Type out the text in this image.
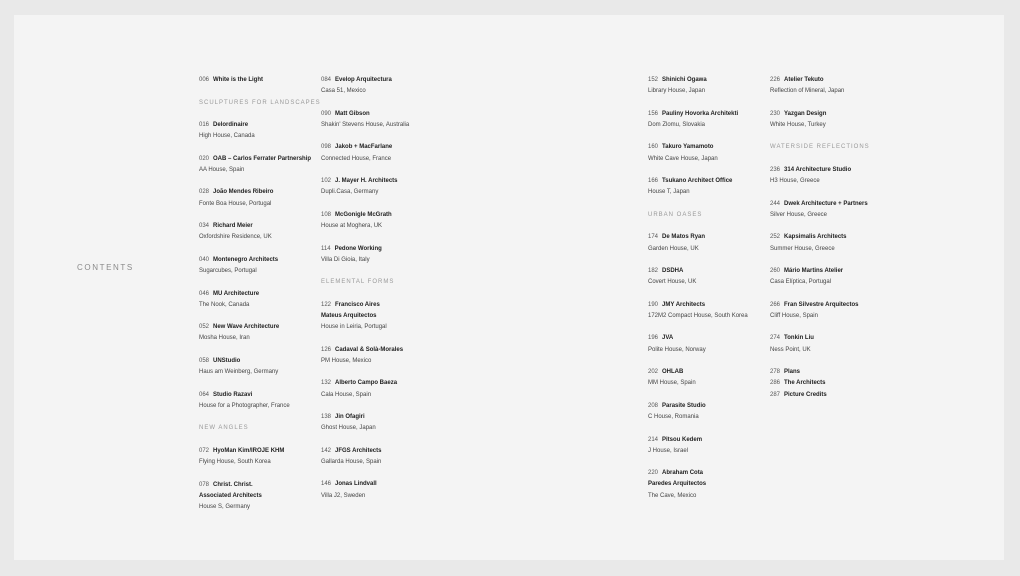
CONTENTS
006 White is the Light
SCULPTURES FOR LANDSCAPES
016 Delordinaire
High House, Canada
020 OAB – Carlos Ferrater Partnership
AA House, Spain
028 João Mendes Ribeiro
Fonte Boa House, Portugal
034 Richard Meier
Oxfordshire Residence, UK
040 Montenegro Architects
Sugarcubes, Portugal
046 MU Architecture
The Nook, Canada
052 New Wave Architecture
Mosha House, Iran
058 UNStudio
Haus am Weinberg, Germany
064 Studio Razavi
House for a Photographer, France
NEW ANGLES
072 HyoMan Kim/IROJE KHM
Flying House, South Korea
078 Christ. Christ.
Associated Architects
House S, Germany
084 Evelop Arquitectura
Casa 51, Mexico
090 Matt Gibson
Shakin' Stevens House, Australia
098 Jakob + MacFarlane
Connected House, France
102 J. Mayer H. Architects
Dupli.Casa, Germany
108 McGonigle McGrath
House at Moghera, UK
114 Pedone Working
Villa Di Gioia, Italy
ELEMENTAL FORMS
122 Francisco Aires
Mateus Arquitectos
House in Leiria, Portugal
126 Cadaval & Solà-Morales
PM House, Mexico
132 Alberto Campo Baeza
Cala House, Spain
138 Jin Ofagiri
Ghost House, Japan
142 JFGS Architects
Gallarda House, Spain
146 Jonas Lindvall
Villa J2, Sweden
152 Shinichi Ogawa
Library House, Japan
156 Pauliny Hovorka Architekti
Dom Zlomu, Slovakia
160 Takuro Yamamoto
White Cave House, Japan
166 Tsukano Architect Office
House T, Japan
URBAN OASES
174 De Matos Ryan
Garden House, UK
182 DSDHA
Covert House, UK
190 JMY Architects
172M2 Compact House, South Korea
196 JVA
Polite House, Norway
202 OHLAB
MM House, Spain
208 Parasite Studio
C House, Romania
214 Pitsou Kedem
J House, Israel
220 Abraham Cota
Paredes Arquitectos
The Cave, Mexico
226 Atelier Tekuto
Reflection of Mineral, Japan
230 Yazgan Design
White House, Turkey
WATERSIDE REFLECTIONS
236 314 Architecture Studio
H3 House, Greece
244 Dwek Architecture + Partners
Silver House, Greece
252 Kapsimalis Architects
Summer House, Greece
260 Mário Martins Atelier
Casa Elíptica, Portugal
266 Fran Silvestre Arquitectos
Cliff House, Spain
274 Tonkin Liu
Ness Point, UK
278 Plans
286 The Architects
287 Picture Credits
